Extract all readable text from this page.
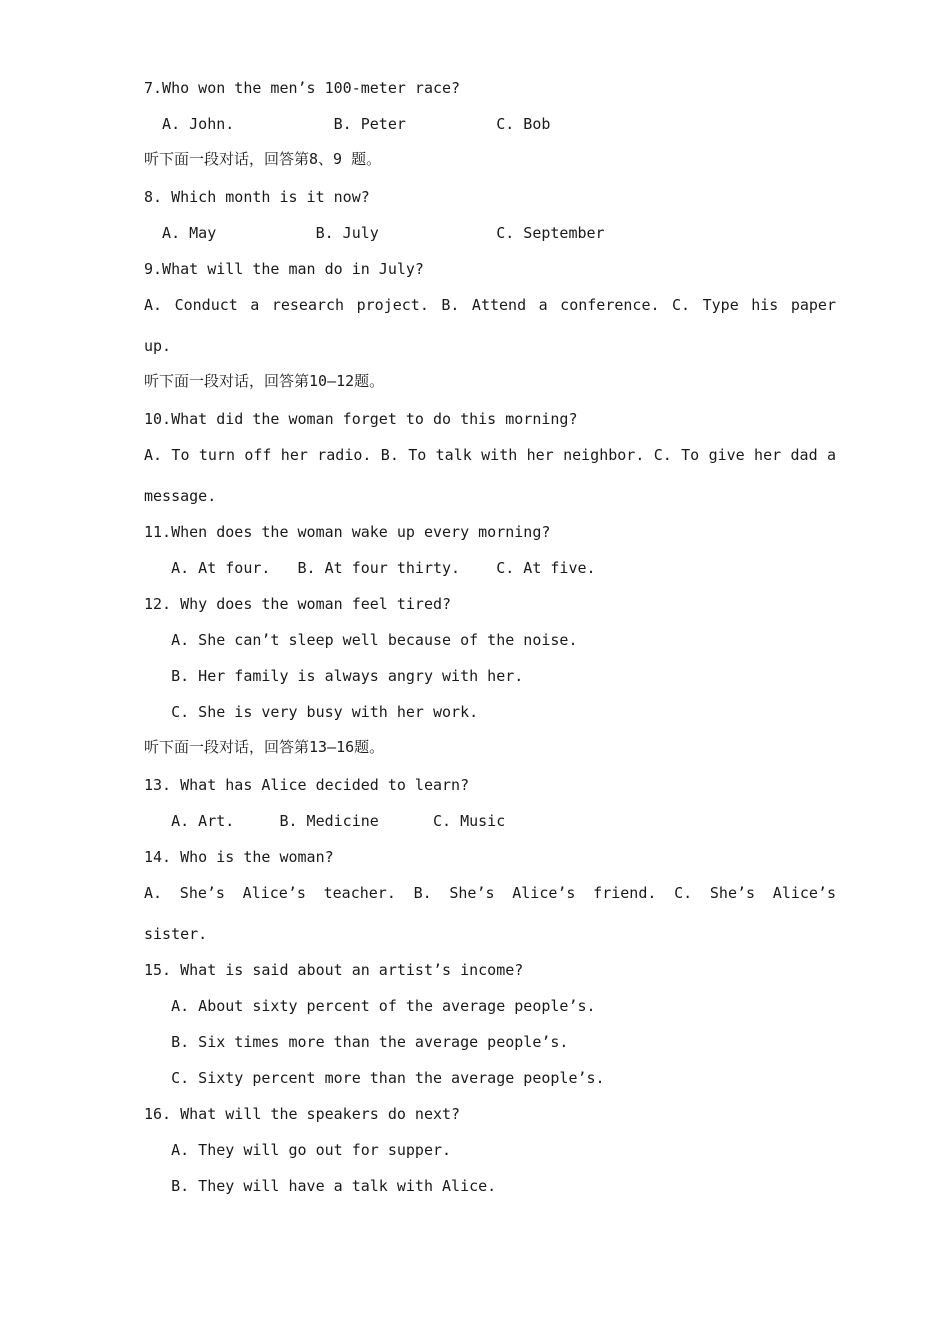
7.Who won the men’s 100-meter race?
A. John.           B. Peter          C. Bob
听下面一段对话，回答第8、9 题。
8. Which month is it now?
A. May           B. July             C. September
9.What will the man do in July?
A. Conduct a research project. B. Attend a conference. C. Type his paper
up.
听下面一段对话，回答第10—12题。
10.What did the woman forget to do this morning?
A. To turn off her radio. B. To talk with her neighbor. C. To give her dad a
message.
11.When does the woman wake up every morning?
A. At four.   B. At four thirty.    C. At five.
12. Why does the woman feel tired?
A. She can’t sleep well because of the noise.
B. Her family is always angry with her.
C. She is very busy with her work.
听下面一段对话，回答第13—16题。
13. What has Alice decided to learn?
A. Art.     B. Medicine      C. Music
14. Who is the woman?
A. She’s Alice’s teacher. B. She’s Alice’s friend. C. She’s Alice’s
sister.
15. What is said about an artist’s income?
A. About sixty percent of the average people’s.
B. Six times more than the average people’s.
C. Sixty percent more than the average people’s.
16. What will the speakers do next?
A. They will go out for supper.
B. They will have a talk with Alice.
